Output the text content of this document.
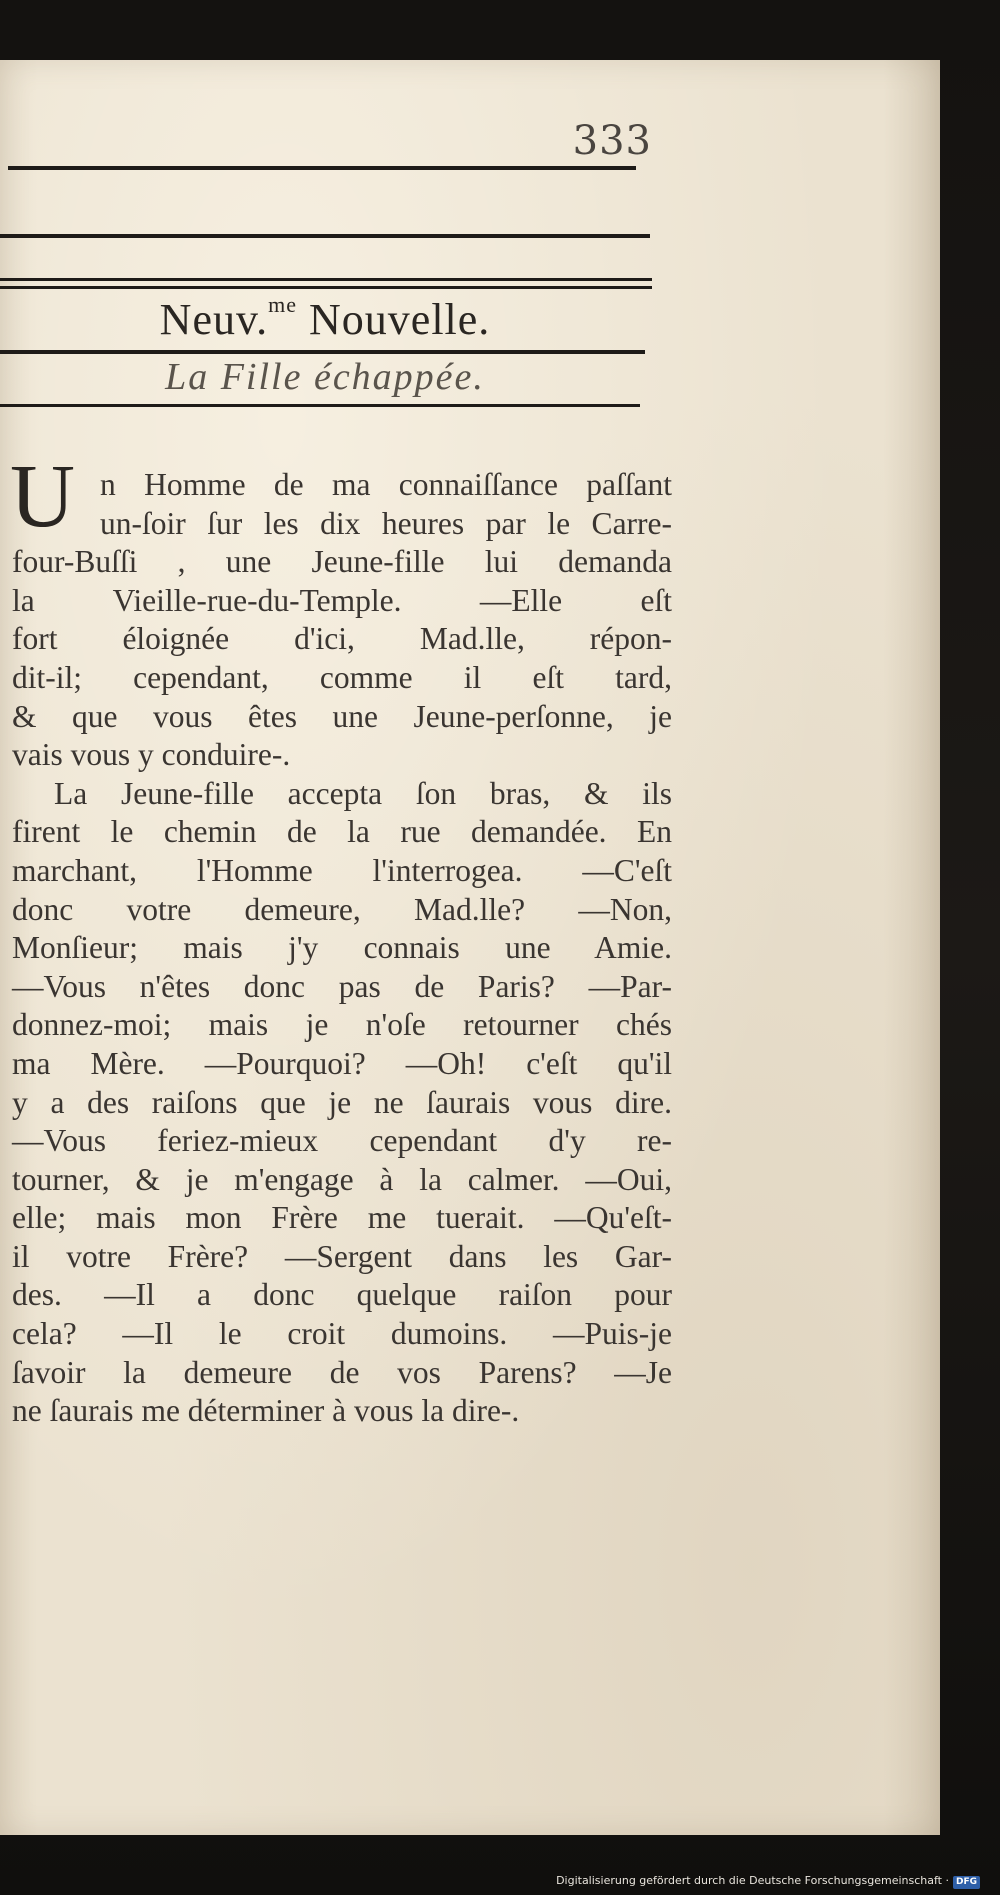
333
Neuv.$^{me}$ Nouvelle.
La Fille échappée.
U n Homme de ma connaiſſance paſſant
un-ſoir ſur les dix heures par le Carre-
four-Buſſi , une Jeune-fille lui demanda
la Vieille-rue-du-Temple. —Elle eſt
fort éloignée d'ici, Mad.lle, répon-
dit-il; cependant, comme il eſt tard,
& que vous êtes une Jeune-perſonne, je
vais vous y conduire-.
La Jeune-fille accepta ſon bras, & ils
firent le chemin de la rue demandée. En
marchant, l'Homme l'interrogea. —C'eſt
donc votre demeure, Mad.lle? —Non,
Monſieur; mais j'y connais une Amie.
—Vous n'êtes donc pas de Paris? —Par-
donnez-moi; mais je n'oſe retourner chés
ma Mère. —Pourquoi? —Oh! c'eſt qu'il
y a des raiſons que je ne ſaurais vous dire.
—Vous feriez-mieux cependant d'y re-
tourner, & je m'engage à la calmer. —Oui,
elle; mais mon Frère me tuerait. —Qu'eſt-
il votre Frère? —Sergent dans les Gar-
des. —Il a donc quelque raiſon pour
cela? —Il le croit dumoins. —Puis-je
ſavoir la demeure de vos Parens? —Je
ne ſaurais me déterminer à vous la dire-.
Digitalisierung gefördert durch die Deutsche Forschungsgemeinschaft · DFG
